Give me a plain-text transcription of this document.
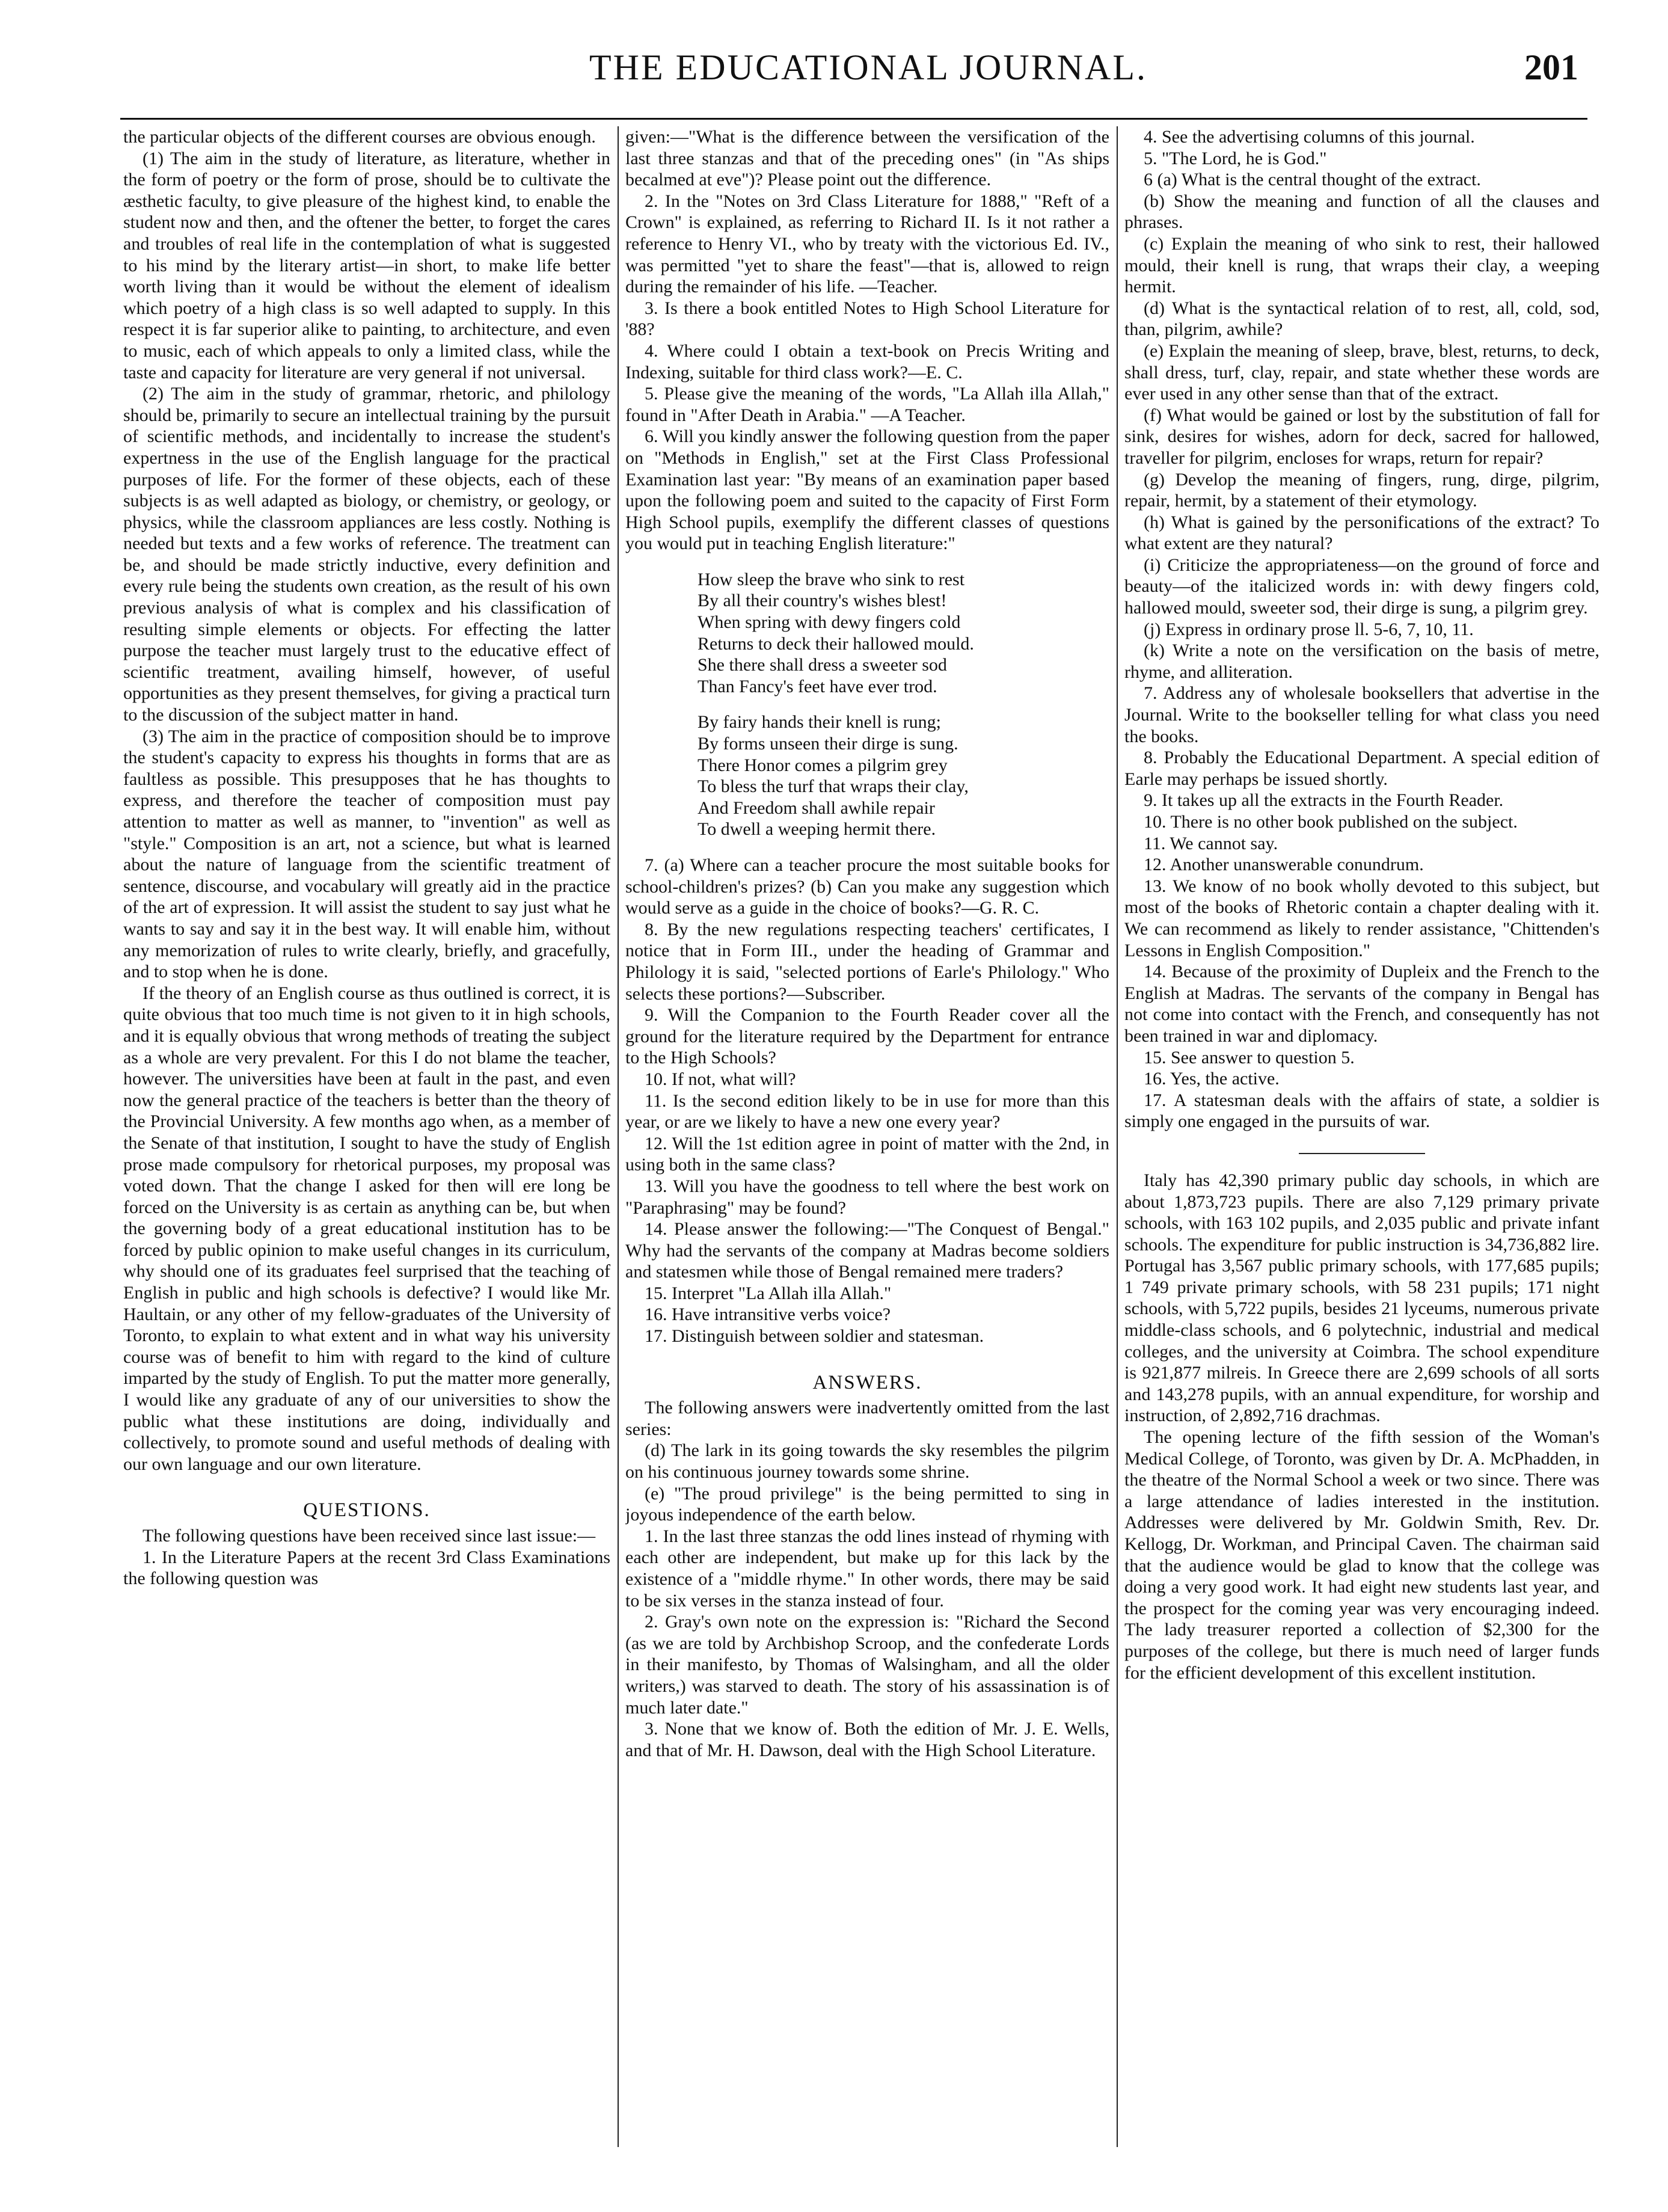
THE EDUCATIONAL JOURNAL.	201

the particular objects of the different courses are obvious enough.

(1) The aim in the study of literature, as literature, whether in the form of poetry or the form of prose, should be to cultivate the æsthetic faculty, to give pleasure of the highest kind, to enable the student now and then, and the oftener the better, to forget the cares and troubles of real life in the contemplation of what is suggested to his mind by the literary artist—in short, to make life better worth living than it would be without the element of idealism which poetry of a high class is so well adapted to supply. In this respect it is far superior alike to painting, to architecture, and even to music, each of which appeals to only a limited class, while the taste and capacity for literature are very general if not universal.

(2) The aim in the study of grammar, rhetoric, and philology should be, primarily to secure an intellectual training by the pursuit of scientific methods, and incidentally to increase the student's expertness in the use of the English language for the practical purposes of life. For the former of these objects, each of these subjects is as well adapted as biology, or chemistry, or geology, or physics, while the classroom appliances are less costly. Nothing is needed but texts and a few works of reference. The treatment can be, and should be made strictly inductive, every definition and every rule being the students own creation, as the result of his own previous analysis of what is complex and his classification of resulting simple elements or objects. For effecting the latter purpose the teacher must largely trust to the educative effect of scientific treatment, availing himself, however, of useful opportunities as they present themselves, for giving a practical turn to the discussion of the subject matter in hand.

(3) The aim in the practice of composition should be to improve the student's capacity to express his thoughts in forms that are as faultless as possible. This presupposes that he has thoughts to express, and therefore the teacher of composition must pay attention to matter as well as manner, to "invention" as well as "style." Composition is an art, not a science, but what is learned about the nature of language from the scientific treatment of sentence, discourse, and vocabulary will greatly aid in the practice of the art of expression. It will assist the student to say just what he wants to say and say it in the best way. It will enable him, without any memorization of rules to write clearly, briefly, and gracefully, and to stop when he is done.

If the theory of an English course as thus outlined is correct, it is quite obvious that too much time is not given to it in high schools, and it is equally obvious that wrong methods of treating the subject as a whole are very prevalent. For this I do not blame the teacher, however. The universities have been at fault in the past, and even now the general practice of the teachers is better than the theory of the Provincial University. A few months ago when, as a member of the Senate of that institution, I sought to have the study of English prose made compulsory for rhetorical purposes, my proposal was voted down. That the change I asked for then will ere long be forced on the University is as certain as anything can be, but when the governing body of a great educational institution has to be forced by public opinion to make useful changes in its curriculum, why should one of its graduates feel surprised that the teaching of English in public and high schools is defective? I would like Mr. Haultain, or any other of my fellow-graduates of the University of Toronto, to explain to what extent and in what way his university course was of benefit to him with regard to the kind of culture imparted by the study of English. To put the matter more generally, I would like any graduate of any of our universities to show the public what these institutions are doing, individually and collectively, to promote sound and useful methods of dealing with our own language and our own literature.

QUESTIONS.

The following questions have been received since last issue:—

1. In the Literature Papers at the recent 3rd Class Examinations the following question was

given:—"What is the difference between the versification of the last three stanzas and that of the preceding ones" (in "As ships becalmed at eve")? Please point out the difference.

2. In the "Notes on 3rd Class Literature for 1888," "Reft of a Crown" is explained, as referring to Richard II. Is it not rather a reference to Henry VI., who by treaty with the victorious Ed. IV., was permitted "yet to share the feast"—that is, allowed to reign during the remainder of his life. —Teacher.

3. Is there a book entitled Notes to High School Literature for '88?

4. Where could I obtain a text-book on Precis Writing and Indexing, suitable for third class work?—E. C.

5. Please give the meaning of the words, "La Allah illa Allah," found in "After Death in Arabia." —A Teacher.

6. Will you kindly answer the following question from the paper on "Methods in English," set at the First Class Professional Examination last year: "By means of an examination paper based upon the following poem and suited to the capacity of First Form High School pupils, exemplify the different classes of questions you would put in teaching English literature:"

How sleep the brave who sink to rest
By all their country's wishes blest!
When spring with dewy fingers cold
Returns to deck their hallowed mould.
She there shall dress a sweeter sod
Than Fancy's feet have ever trod.
By fairy hands their knell is rung;
By forms unseen their dirge is sung.
There Honor comes a pilgrim grey
To bless the turf that wraps their clay,
And Freedom shall awhile repair
To dwell a weeping hermit there.

7. (a) Where can a teacher procure the most suitable books for school-children's prizes? (b) Can you make any suggestion which would serve as a guide in the choice of books?—G. R. C.

8. By the new regulations respecting teachers' certificates, I notice that in Form III., under the heading of Grammar and Philology it is said, "selected portions of Earle's Philology." Who selects these portions?—Subscriber.

9. Will the Companion to the Fourth Reader cover all the ground for the literature required by the Department for entrance to the High Schools?

10. If not, what will?

11. Is the second edition likely to be in use for more than this year, or are we likely to have a new one every year?

12. Will the 1st edition agree in point of matter with the 2nd, in using both in the same class?

13. Will you have the goodness to tell where the best work on "Paraphrasing" may be found?

14. Please answer the following:—"The Conquest of Bengal." Why had the servants of the company at Madras become soldiers and statesmen while those of Bengal remained mere traders?

15. Interpret "La Allah illa Allah."

16. Have intransitive verbs voice?

17. Distinguish between soldier and statesman.

ANSWERS.

The following answers were inadvertently omitted from the last series:

(d) The lark in its going towards the sky resembles the pilgrim on his continuous journey towards some shrine.

(e) "The proud privilege" is the being permitted to sing in joyous independence of the earth below.

1. In the last three stanzas the odd lines instead of rhyming with each other are independent, but make up for this lack by the existence of a "middle rhyme." In other words, there may be said to be six verses in the stanza instead of four.

2. Gray's own note on the expression is: "Richard the Second (as we are told by Archbishop Scroop, and the confederate Lords in their manifesto, by Thomas of Walsingham, and all the older writers,) was starved to death. The story of his assassination is of much later date."

3. None that we know of. Both the edition of Mr. J. E. Wells, and that of Mr. H. Dawson, deal with the High School Literature.

4. See the advertising columns of this journal.

5. "The Lord, he is God."

6 (a) What is the central thought of the extract.

(b) Show the meaning and function of all the clauses and phrases.

(c) Explain the meaning of who sink to rest, their hallowed mould, their knell is rung, that wraps their clay, a weeping hermit.

(d) What is the syntactical relation of to rest, all, cold, sod, than, pilgrim, awhile?

(e) Explain the meaning of sleep, brave, blest, returns, to deck, shall dress, turf, clay, repair, and state whether these words are ever used in any other sense than that of the extract.

(f) What would be gained or lost by the substitution of fall for sink, desires for wishes, adorn for deck, sacred for hallowed, traveller for pilgrim, encloses for wraps, return for repair?

(g) Develop the meaning of fingers, rung, dirge, pilgrim, repair, hermit, by a statement of their etymology.

(h) What is gained by the personifications of the extract? To what extent are they natural?

(i) Criticize the appropriateness—on the ground of force and beauty—of the italicized words in: with dewy fingers cold, hallowed mould, sweeter sod, their dirge is sung, a pilgrim grey.

(j) Express in ordinary prose ll. 5-6, 7, 10, 11.

(k) Write a note on the versification on the basis of metre, rhyme, and alliteration.

7. Address any of wholesale booksellers that advertise in the Journal. Write to the bookseller telling for what class you need the books.

8. Probably the Educational Department. A special edition of Earle may perhaps be issued shortly.

9. It takes up all the extracts in the Fourth Reader.

10. There is no other book published on the subject.

11. We cannot say.

12. Another unanswerable conundrum.

13. We know of no book wholly devoted to this subject, but most of the books of Rhetoric contain a chapter dealing with it. We can recommend as likely to render assistance, "Chittenden's Lessons in English Composition."

14. Because of the proximity of Dupleix and the French to the English at Madras. The servants of the company in Bengal has not come into contact with the French, and consequently has not been trained in war and diplomacy.

15. See answer to question 5.

16. Yes, the active.

17. A statesman deals with the affairs of state, a soldier is simply one engaged in the pursuits of war.

Italy has 42,390 primary public day schools, in which are about 1,873,723 pupils. There are also 7,129 primary private schools, with 163 102 pupils, and 2,035 public and private infant schools. The expenditure for public instruction is 34,736,882 lire. Portugal has 3,567 public primary schools, with 177,685 pupils; 1 749 private primary schools, with 58 231 pupils; 171 night schools, with 5,722 pupils, besides 21 lyceums, numerous private middle-class schools, and 6 polytechnic, industrial and medical colleges, and the university at Coimbra. The school expenditure is 921,877 milreis. In Greece there are 2,699 schools of all sorts and 143,278 pupils, with an annual expenditure, for worship and instruction, of 2,892,716 drachmas.

The opening lecture of the fifth session of the Woman's Medical College, of Toronto, was given by Dr. A. McPhadden, in the theatre of the Normal School a week or two since. There was a large attendance of ladies interested in the institution. Addresses were delivered by Mr. Goldwin Smith, Rev. Dr. Kellogg, Dr. Workman, and Principal Caven. The chairman said that the audience would be glad to know that the college was doing a very good work. It had eight new students last year, and the prospect for the coming year was very encouraging indeed. The lady treasurer reported a collection of $2,300 for the purposes of the college, but there is much need of larger funds for the efficient development of this excellent institution.
